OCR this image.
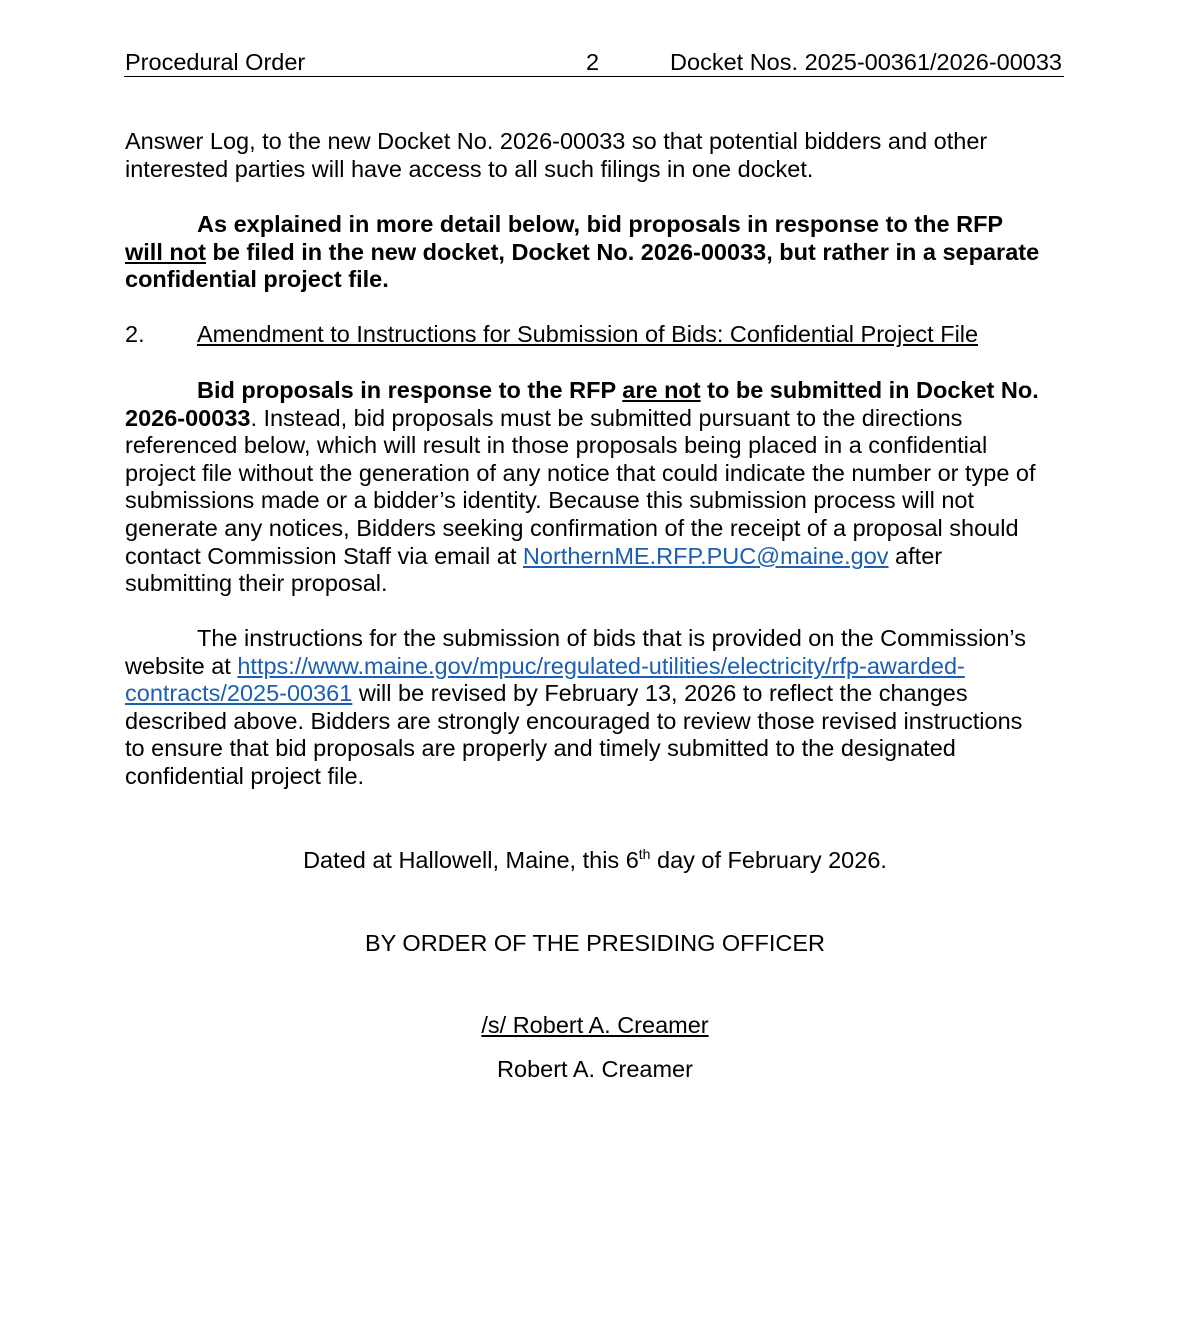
Procedural Order	2	Docket Nos. 2025-00361/2026-00033
Answer Log, to the new Docket No. 2026-00033 so that potential bidders and other
interested parties will have access to all such filings in one docket.
As explained in more detail below, bid proposals in response to the RFP
will not be filed in the new docket, Docket No. 2026-00033, but rather in a separate
confidential project file.
2. Amendment to Instructions for Submission of Bids: Confidential Project File
Bid proposals in response to the RFP are not to be submitted in Docket No.
2026-00033. Instead, bid proposals must be submitted pursuant to the directions
referenced below, which will result in those proposals being placed in a confidential
project file without the generation of any notice that could indicate the number or type of
submissions made or a bidder’s identity. Because this submission process will not
generate any notices, Bidders seeking confirmation of the receipt of a proposal should
contact Commission Staff via email at NorthernME.RFP.PUC@maine.gov after
submitting their proposal.
The instructions for the submission of bids that is provided on the Commission’s
website at https://www.maine.gov/mpuc/regulated-utilities/electricity/rfp-awarded-
contracts/2025-00361 will be revised by February 13, 2026 to reflect the changes
described above. Bidders are strongly encouraged to review those revised instructions
to ensure that bid proposals are properly and timely submitted to the designated
confidential project file.
Dated at Hallowell, Maine, this 6th day of February 2026.
BY ORDER OF THE PRESIDING OFFICER
/s/ Robert A. Creamer
Robert A. Creamer
